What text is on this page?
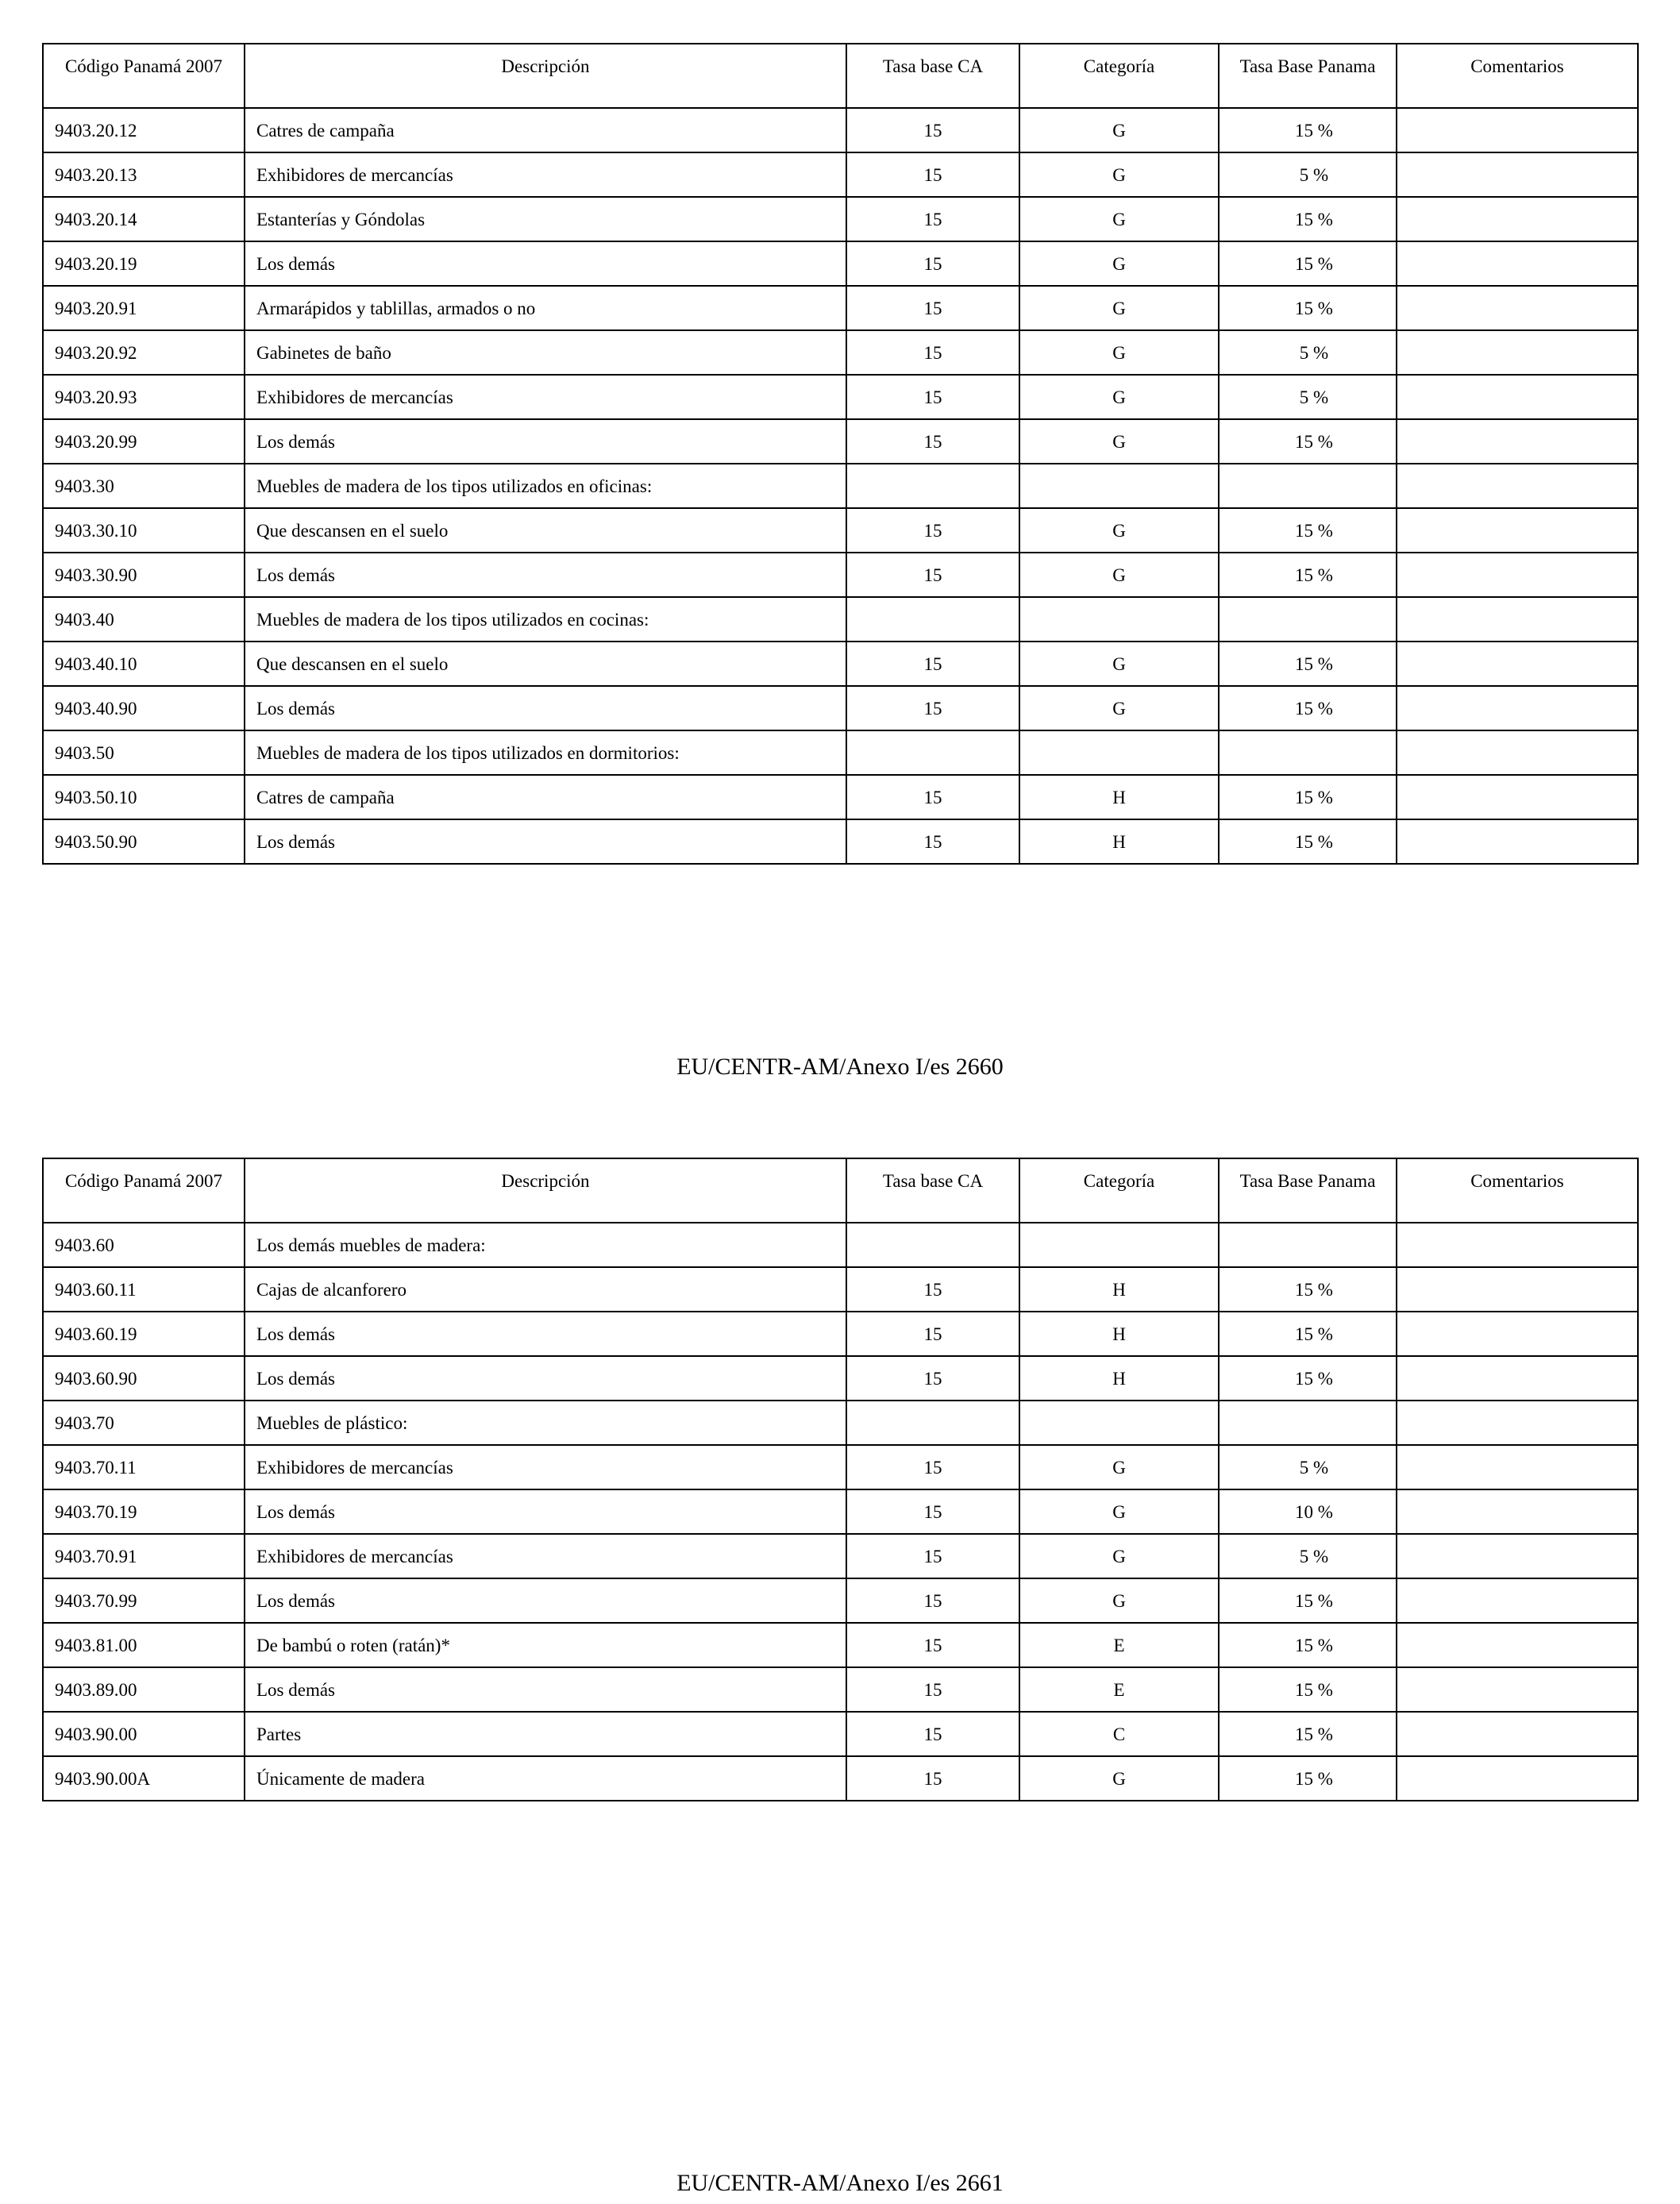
Código Panamá 2007	Descripción	Tasa base CA	Categoría	Tasa Base Panama	Comentarios
9403.20.12	Catres de campaña	15	G	15 %	
9403.20.13	Exhibidores de mercancías	15	G	5 %	
9403.20.14	Estanterías y Góndolas	15	G	15 %	
9403.20.19	Los demás	15	G	15 %	
9403.20.91	Armarápidos y tablillas, armados o no	15	G	15 %	
9403.20.92	Gabinetes de baño	15	G	5 %	
9403.20.93	Exhibidores de mercancías	15	G	5 %	
9403.20.99	Los demás	15	G	15 %	
9403.30	Muebles de madera de los tipos utilizados en oficinas:				
9403.30.10	Que descansen en el suelo	15	G	15 %	
9403.30.90	Los demás	15	G	15 %	
9403.40	Muebles de madera de los tipos utilizados en cocinas:				
9403.40.10	Que descansen en el suelo	15	G	15 %	
9403.40.90	Los demás	15	G	15 %	
9403.50	Muebles de madera de los tipos utilizados en dormitorios:				
9403.50.10	Catres de campaña	15	H	15 %	
9403.50.90	Los demás	15	H	15 %	
EU/CENTR-AM/Anexo I/es 2660
Código Panamá 2007	Descripción	Tasa base CA	Categoría	Tasa Base Panama	Comentarios
9403.60	Los demás muebles de madera:				
9403.60.11	Cajas de alcanforero	15	H	15 %	
9403.60.19	Los demás	15	H	15 %	
9403.60.90	Los demás	15	H	15 %	
9403.70	Muebles de plástico:				
9403.70.11	Exhibidores de mercancías	15	G	5 %	
9403.70.19	Los demás	15	G	10 %	
9403.70.91	Exhibidores de mercancías	15	G	5 %	
9403.70.99	Los demás	15	G	15 %	
9403.81.00	De bambú o roten (ratán)*	15	E	15 %	
9403.89.00	Los demás	15	E	15 %	
9403.90.00	Partes	15	C	15 %	
9403.90.00A	Únicamente de madera	15	G	15 %	
EU/CENTR-AM/Anexo I/es 2661
